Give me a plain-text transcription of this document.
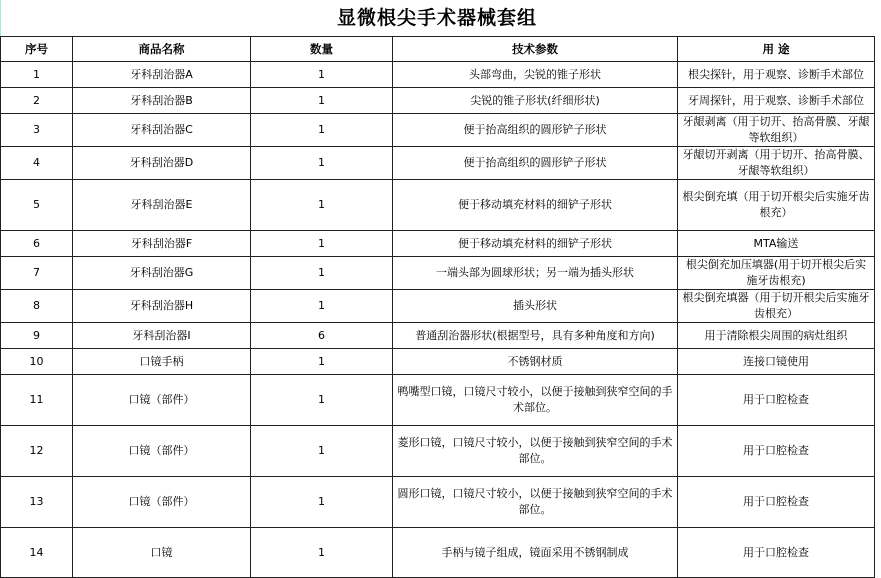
显微根尖手术器械套组
序号	商品名称	数量	技术参数	用 途
1	牙科刮治器A	1	头部弯曲，尖锐的锥子形状	根尖探针，用于观察、诊断手术部位
2	牙科刮治器B	1	尖锐的锥子形状(纤细形状)	牙周探针，用于观察、诊断手术部位
3	牙科刮治器C	1	便于抬高组织的圆形铲子形状	牙龈剥离（用于切开、抬高骨膜、牙龈等软组织）
4	牙科刮治器D	1	便于抬高组织的圆形铲子形状	牙龈切开剥离（用于切开、抬高骨膜、牙龈等软组织）
5	牙科刮治器E	1	便于移动填充材料的细铲子形状	根尖倒充填（用于切开根尖后实施牙齿根充）
6	牙科刮治器F	1	便于移动填充材料的细铲子形状	MTA输送
7	牙科刮治器G	1	一端头部为圆球形状；另一端为插头形状	根尖倒充加压填器(用于切开根尖后实施牙齿根充)
8	牙科刮治器H	1	插头形状	根尖倒充填器（用于切开根尖后实施牙齿根充）
9	牙科刮治器I	6	普通刮治器形状(根据型号，具有多种角度和方向)	用于清除根尖周围的病灶组织
10	口镜手柄	1	不锈钢材质	连接口镜使用
11	口镜（部件）	1	鸭嘴型口镜，口镜尺寸较小，以便于接触到狭窄空间的手术部位。	用于口腔检查
12	口镜（部件）	1	菱形口镜，口镜尺寸较小，以便于接触到狭窄空间的手术部位。	用于口腔检查
13	口镜（部件）	1	圆形口镜，口镜尺寸较小，以便于接触到狭窄空间的手术部位。	用于口腔检查
14	口镜	1	手柄与镜子组成，镜面采用不锈钢制成	用于口腔检查
